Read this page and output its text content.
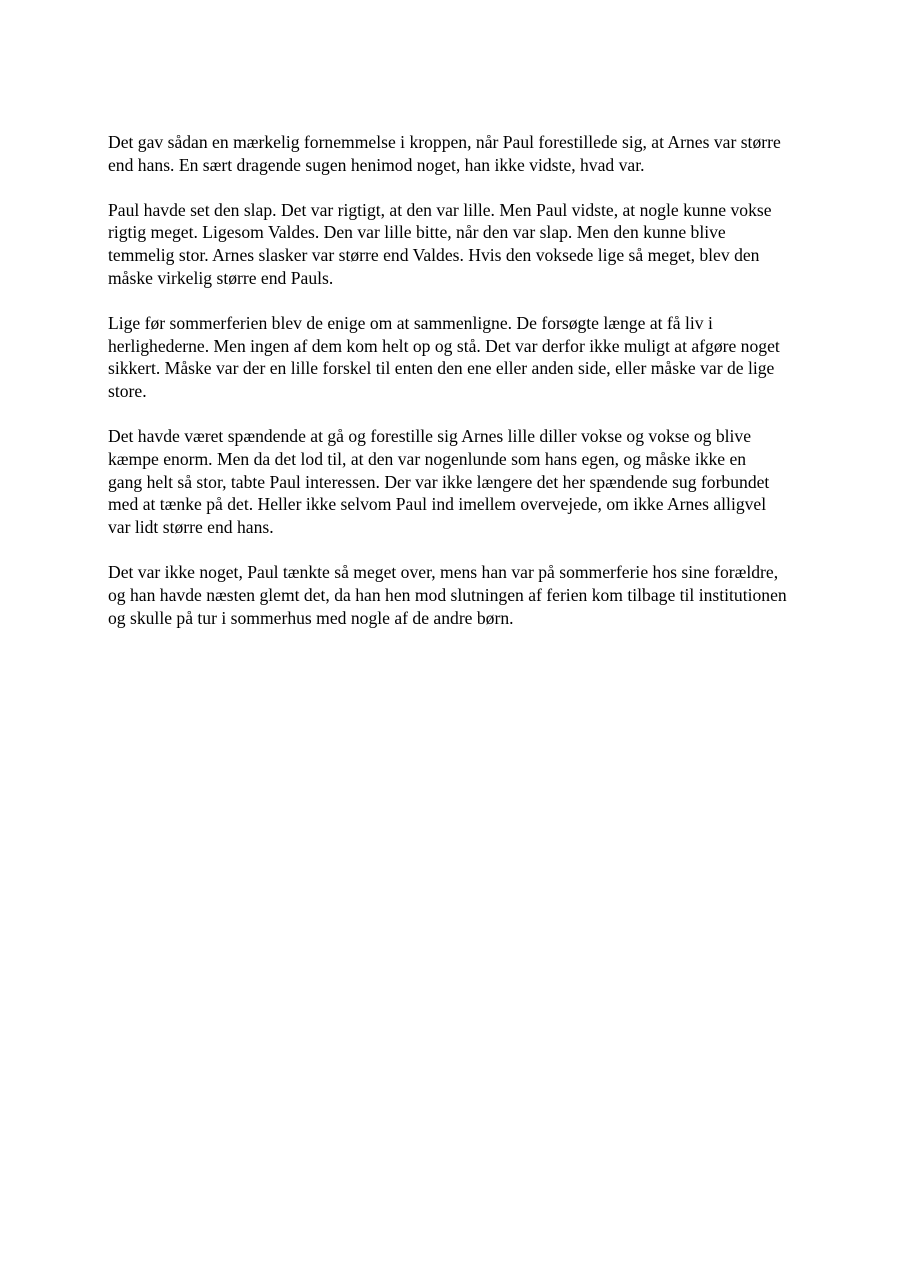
Det gav sådan en mærkelig fornemmelse i kroppen, når Paul forestillede sig, at Arnes var større
end hans. En sært dragende sugen henimod noget, han ikke vidste, hvad var.

Paul havde set den slap. Det var rigtigt, at den var lille. Men Paul vidste, at nogle kunne vokse
rigtig meget. Ligesom Valdes. Den var lille bitte, når den var slap. Men den kunne blive
temmelig stor. Arnes slasker var større end Valdes. Hvis den voksede lige så meget, blev den
måske virkelig større end Pauls.

Lige før sommerferien blev de enige om at sammenligne. De forsøgte længe at få liv i
herlighederne. Men ingen af dem kom helt op og stå. Det var derfor ikke muligt at afgøre noget
sikkert. Måske var der en lille forskel til enten den ene eller anden side, eller måske var de lige
store.

Det havde været spændende at gå og forestille sig Arnes lille diller vokse og vokse og blive
kæmpe enorm. Men da det lod til, at den var nogenlunde som hans egen, og måske ikke en
gang helt så stor, tabte Paul interessen. Der var ikke længere det her spændende sug forbundet
med at tænke på det. Heller ikke selvom Paul ind imellem overvejede, om ikke Arnes alligvel
var lidt større end hans.

Det var ikke noget, Paul tænkte så meget over, mens han var på sommerferie hos sine forældre,
og han havde næsten glemt det, da han hen mod slutningen af ferien kom tilbage til institutionen
og skulle på tur i sommerhus med nogle af de andre børn.
